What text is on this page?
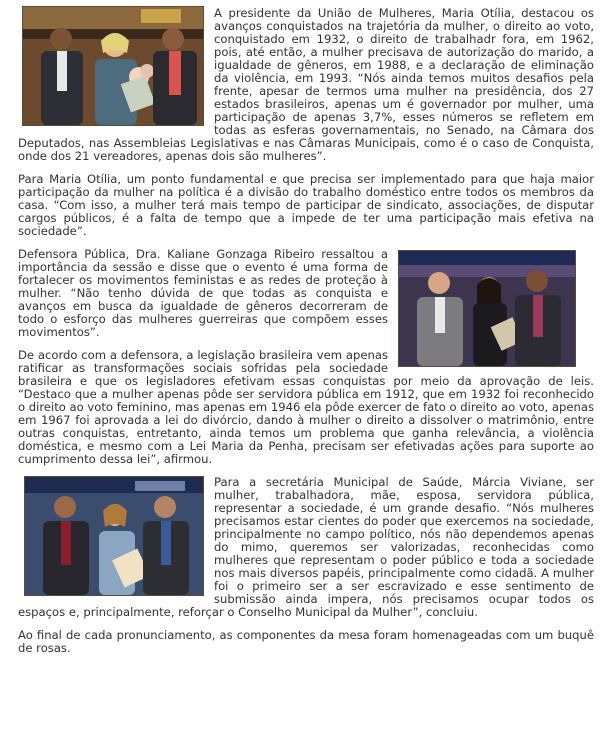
A presidente da União de Mulheres, Maria Otília, destacou os avanços conquistados na trajetória da mulher, o direito ao voto, conquistado em 1932, o direito de trabalhadr fora, em 1962, pois, até então, a mulher precisava de autorização do marido, a igualdade de gêneros, em 1988, e a declaração de eliminação da violência, em 1993. “Nós ainda temos muitos desafios pela frente, apesar de termos uma mulher na presidência, dos 27 estados brasileiros, apenas um é governador por mulher, uma participação de apenas 3,7%, esses números se refletem em todas as esferas governamentais, no Senado, na Câmara dos Deputados, nas Assembleias Legislativas e nas Câmaras Municipais, como é o caso de Conquista, onde dos 21 vereadores, apenas dois são mulheres”.

Para Maria Otília, um ponto fundamental e que precisa ser implementado para que haja maior participação da mulher na política é a divisão do trabalho doméstico entre todos os membros da casa. “Com isso, a mulher terá mais tempo de participar de sindicato, associações, de disputar cargos públicos, é a falta de tempo que a impede de ter uma participação mais efetiva na sociedade”.

Defensora Pública, Dra. Kaliane Gonzaga Ribeiro ressaltou a importância da sessão e disse que o evento é uma forma de fortalecer os movimentos feministas e as redes de proteção à mulher. “Não tenho dúvida de que todas as conquista e avanços em busca da igualdade de gêneros decorreram de todo o esforço das mulheres guerreiras que compõem esses movimentos”.

De acordo com a defensora, a legislação brasileira vem apenas ratificar as transformações sociais sofridas pela sociedade brasileira e que os legisladores efetivam essas conquistas por meio da aprovação de leis. “Destaco que a mulher apenas pôde ser servidora pública em 1912, que em 1932 foi reconhecido o direito ao voto feminino, mas apenas em 1946 ela pôde exercer de fato o direito ao voto, apenas em 1967 foi aprovada a lei do divórcio, dando à mulher o direito a dissolver o matrimônio, entre outras conquistas, entretanto, ainda temos um problema que ganha relevância, a violência doméstica, e mesmo com a Lei Maria da Penha, precisam ser efetivadas ações para suporte ao cumprimento dessa lei”, afirmou.

Para a secretária Municipal de Saúde, Márcia Viviane, ser mulher, trabalhadora, mãe, esposa, servidora pública, representar a sociedade, é um grande desafio. “Nós mulheres precisamos estar cientes do poder que exercemos na sociedade, principalmente no campo político, nós não dependemos apenas do mimo, queremos ser valorizadas, reconhecidas como mulheres que representam o poder público e toda a sociedade nos mais diversos papéis, principalmente como cidadã. A mulher foi o primeiro ser a ser escravizado e esse sentimento de submissão ainda impera, nós precisamos ocupar todos os espaços e, principalmente, reforçar o Conselho Municipal da Mulher”, concluiu.

Ao final de cada pronunciamento, as componentes da mesa foram homenageadas com um buquê de rosas.
